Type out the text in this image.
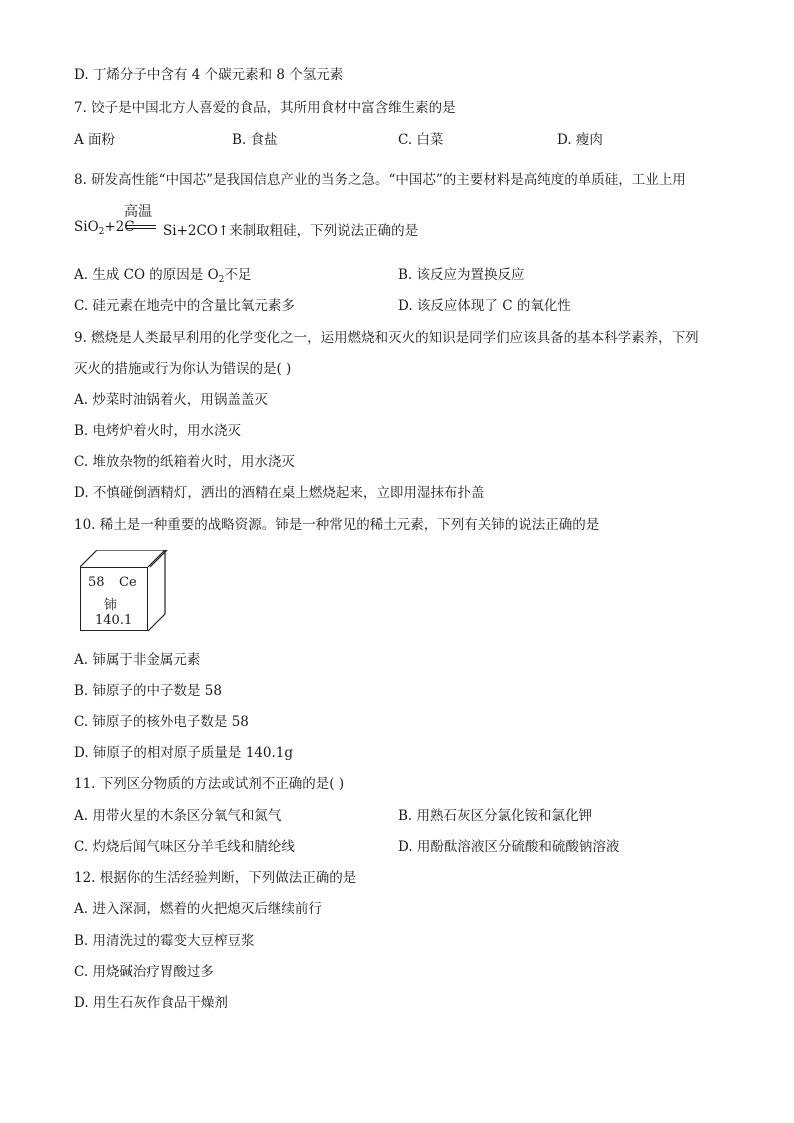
D. 丁烯分子中含有 4 个碳元素和 8 个氢元素
7. 饺子是中国北方人喜爱的食品，其所用食材中富含维生素的是
A 面粉	B. 食盐	C. 白菜	D. 瘦肉
8. 研发高性能“中国芯”是我国信息产业的当务之急。“中国芯”的主要材料是高纯度的单质硅，工业上用
SiO$_2$+2C
高温
Si+2CO↑来制取粗硅，下列说法正确的是
A. 生成 CO 的原因是 $O_2$不足	B. 该反应为置换反应
C. 硅元素在地壳中的含量比氧元素多	D. 该反应体现了 C 的氧化性
9. 燃烧是人类最早利用的化学变化之一，运用燃烧和灭火的知识是同学们应该具备的基本科学素养，下列
灭火的措施或行为你认为错误的是( )
A. 炒菜时油锅着火，用锅盖盖灭
B. 电烤炉着火时，用水浇灭
C. 堆放杂物的纸箱着火时，用水浇灭
D. 不慎碰倒酒精灯，洒出的酒精在桌上燃烧起来，立即用湿抹布扑盖
10. 稀土是一种重要的战略资源。铈是一种常见的稀土元素，下列有关铈的说法正确的是
58 Ce
铈
140.1
A. 铈属于非金属元素
B. 铈原子的中子数是 58
C. 铈原子的核外电子数是 58
D. 铈原子的相对原子质量是 140.1g
11. 下列区分物质的方法或试剂不正确的是( )
A. 用带火星的木条区分氧气和氮气	B. 用熟石灰区分氯化铵和氯化钾
C. 灼烧后闻气味区分羊毛线和腈纶线	D. 用酚酞溶液区分硫酸和硫酸钠溶液
12. 根据你的生活经验判断，下列做法正确的是
A. 进入深洞，燃着的火把熄灭后继续前行
B. 用清洗过的霉变大豆榨豆浆
C. 用烧碱治疗胃酸过多
D. 用生石灰作食品干燥剂
